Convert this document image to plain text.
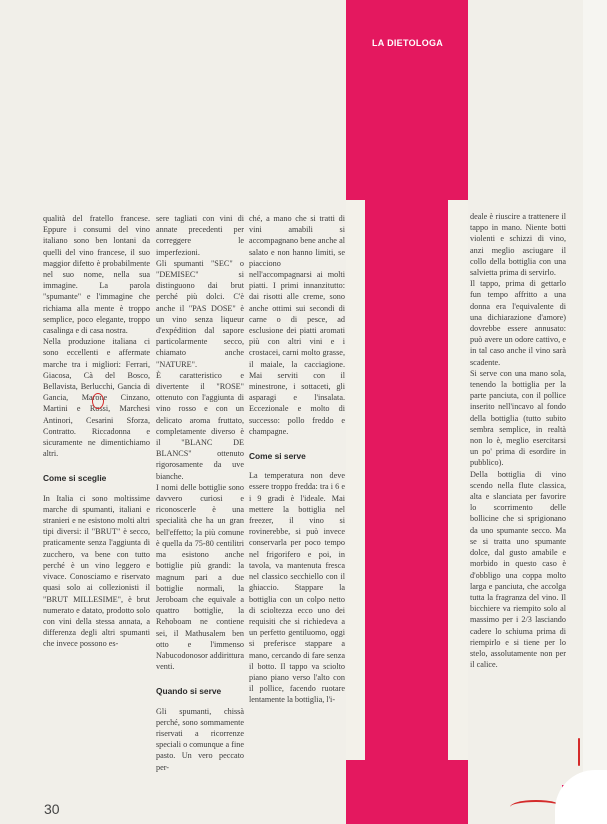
LA DIETOLOGA

qualità del fratello francese. Eppure i consumi del vino italiano sono ben lontani da quelli del vino francese, il suo maggior difetto è probabilmente nel suo nome, nella sua immagine. La parola "spumante" e l'immagine che richiama alla mente è troppo semplice, poco elegante, troppo casalinga e di casa nostra.

Nella produzione italiana ci sono eccellenti e affermate marche tra i migliori: Ferrari, Giacosa, Cà del Bosco, Bellavista, Berlucchi, Gancia di Gancia, Marone Cinzano, Martini e Rossi, Marchesi Antinori, Cesarini Sforza, Contratto. Riccadonna e sicuramente ne dimentichiamo altri.

Come si sceglie

In Italia ci sono moltissime marche di spumanti, italiani e stranieri e ne esistono molti altri tipi diversi: il "BRUT" è secco, praticamente senza l'aggiunta di zucchero, va bene con tutto perché è un vino leggero e vivace. Conosciamo e riservato quasi solo ai collezionisti il "BRUT MILLESIME", è brut numerato e datato, prodotto solo con vini della stessa annata, a differenza degli altri spumanti che invece possono es-

sere tagliati con vini di annate precedenti per correggere le imperfezioni.

Gli spumanti "SEC" o "DEMISEC" si distinguono dai brut perché più dolci. C'è anche il "PAS DOSE" è un vino senza liqueur d'expédition dal sapore particolarmente secco, chiamato anche "NATURE".

È caratteristico e divertente il "ROSE" ottenuto con l'aggiunta di vino rosso e con un delicato aroma fruttato, completamente diverso è il "BLANC DE BLANCS" ottenuto rigorosamente da uve bianche.

I nomi delle bottiglie sono davvero curiosi e riconoscerle è una specialità che ha un gran bell'effetto; la più comune è quella da 75-80 centilitri ma esistono anche bottiglie più grandi: la magnum pari a due bottiglie normali, la Jeroboam che equivale a quattro bottiglie, la Rehoboam ne contiene sei, il Mathusalem ben otto e l'immenso Nabucodonosor addirittura venti.

Quando si serve

Gli spumanti, chissà perché, sono sommamente riservati a ricorrenze speciali o comunque a fine pasto. Un vero peccato per-

ché, a mano che si tratti di vini amabili si accompagnano bene anche al salato e non hanno limiti, se piacciono nell'accompagnarsi ai molti piatti. I primi innanzitutto: dai risotti alle creme, sono anche ottimi sui secondi di carne o di pesce, ad esclusione dei piatti aromati più con altri vini e i crostacei, carni molto grasse, il maiale, la cacciagione. Mai serviti con il minestrone, i sottaceti, gli asparagi e l'insalata. Eccezionale e molto di successo: pollo freddo e champagne.

Come si serve

La temperatura non deve essere troppo fredda: tra i 6 e i 9 gradi è l'ideale. Mai mettere la bottiglia nel freezer, il vino si rovinerebbe, si può invece conservarla per poco tempo nel frigorifero e poi, in tavola, va mantenuta fresca nel classico secchiello con il ghiaccio. Stappare la bottiglia con un colpo netto di scioltezza ecco uno dei requisiti che si richiedeva a un perfetto gentiluomo, oggi si preferisce stappare a mano, cercando di fare senza il botto. Il tappo va sciolto piano piano verso l'alto con il pollice, facendo ruotare lentamente la bottiglia, l'i-

deale è riuscire a trattenere il tappo in mano. Niente botti violenti e schizzi di vino, anzi meglio asciugare il collo della bottiglia con una salvietta prima di servirlo.

Il tappo, prima di gettarlo fun tempo affritto a una donna era l'equivalente di una dichiarazione d'amore) dovrebbe essere annusato: può avere un odore cattivo, e in tal caso anche il vino sarà scadente.

Si serve con una mano sola, tenendo la bottiglia per la parte panciuta, con il pollice inserito nell'incavo al fondo della bottiglia (tutto subito sembra semplice, in realtà non lo è, meglio esercitarsi un po' prima di esordire in pubblico).

Della bottiglia di vino scendo nella flute classica, alta e slanciata per favorire lo scorrimento delle bollicine che si sprigionano da uno spumante secco. Ma se si tratta uno spumante dolce, dal gusto amabile e morbido in questo caso è d'obbligo una coppa molto larga e panciuta, che accolga tutta la fragranza del vino. Il bicchiere va riempito solo al massimo per i 2/3 lasciando cadere lo schiuma prima di riempirlo e si tiene per lo stelo, assolutamente non per il calice.

30
